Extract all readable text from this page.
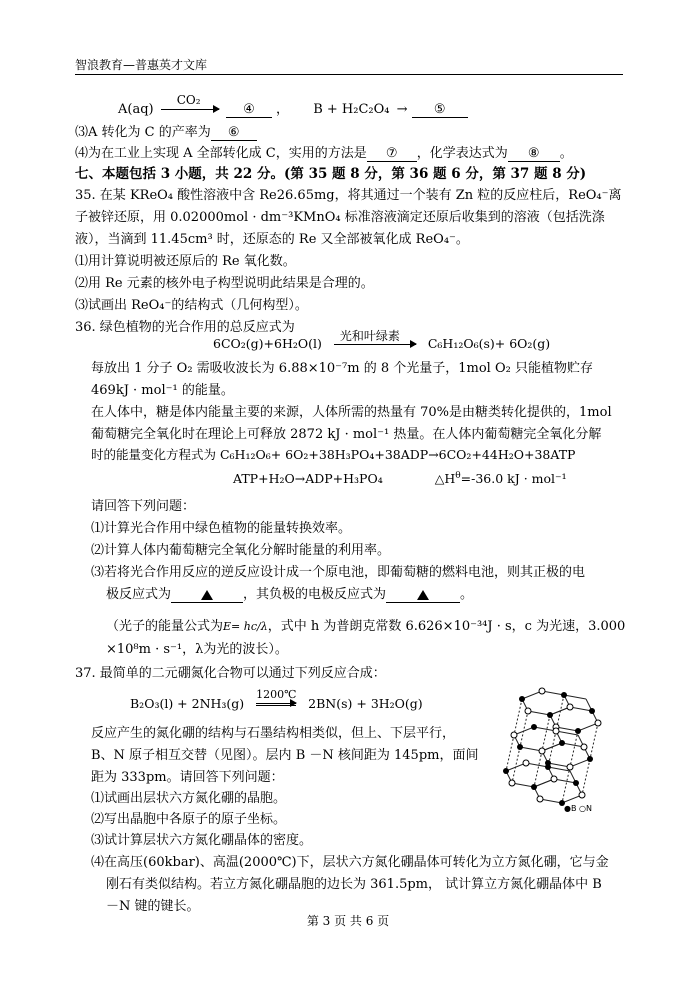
智浪教育—普惠英才文库
A(aq)
CO₂
④ ， B + H₂C₂O₄ → ⑤
⑶A 转化为 C 的产率为 ⑥
⑷为在工业上实现 A 全部转化成 C，实用的方法是 ⑦ ，化学表达式为 ⑧ 。
七、本题包括 3 小题，共 22 分。(第 35 题 8 分，第 36 题 6 分，第 37 题 8 分)
35. 在某 KReO₄ 酸性溶液中含 Re26.65mg，将其通过一个装有 Zn 粒的反应柱后，ReO₄⁻离
子被锌还原，用 0.02000mol · dm⁻³KMnO₄ 标准溶液滴定还原后收集到的溶液（包括洗涤
液），当滴到 11.45cm³ 时，还原态的 Re 又全部被氧化成 ReO₄⁻。
⑴用计算说明被还原后的 Re 氧化数。
⑵用 Re 元素的核外电子构型说明此结果是合理的。
⑶试画出 ReO₄⁻的结构式（几何构型）。
36. 绿色植物的光合作用的总反应式为
6CO₂(g)+6H₂O(l) 光和叶绿素 C₆H₁₂O₆(s)+ 6O₂(g)
每放出 1 分子 O₂ 需吸收波长为 6.88×10⁻⁷m 的 8 个光量子，1mol O₂ 只能植物贮存
469kJ · mol⁻¹ 的能量。
在人体中，糖是体内能量主要的来源，人体所需的热量有 70%是由糖类转化提供的，1mol
葡萄糖完全氧化时在理论上可释放 2872 kJ · mol⁻¹ 热量。在人体内葡萄糖完全氧化分解
时的能量变化方程式为 C₆H₁₂O₆+ 6O₂+38H₃PO₄+38ADP→6CO₂+44H₂O+38ATP
ATP+H₂O→ADP+H₃PO₄	$\triangle H^\theta=-36.0$ kJ · mol⁻¹
请回答下列问题：
⑴计算光合作用中绿色植物的能量转换效率。
⑵计算人体内葡萄糖完全氧化分解时能量的利用率。
⑶若将光合作用反应的逆反应设计成一个原电池，即葡萄糖的燃料电池，则其正极的电
极反应式为	，其负极的电极反应式为	。
（光子的能量公式为E= hc/λ，式中 h 为普朗克常数 6.626×10⁻³⁴J · s，c 为光速，3.000
×10⁸m · s⁻¹，λ为光的波长）。
37. 最简单的二元硼氮化合物可以通过下列反应合成：
B₂O₃(l) + 2NH₃(g)
1200℃
2BN(s) + 3H₂O(g)
反应产生的氮化硼的结构与石墨结构相类似，但上、下层平行，
B、N 原子相互交替（见图）。层内 B －N 核间距为 145pm，面间
距为 333pm。请回答下列问题：
⑴试画出层状六方氮化硼的晶胞。
⑵写出晶胞中各原子的原子坐标。
⑶试计算层状六方氮化硼晶体的密度。
⑷在高压(60kbar)、高温(2000℃)下，层状六方氮化硼晶体可转化为立方氮化硼，它与金
刚石有类似结构。若立方氮化硼晶胞的边长为 361.5pm， 试计算立方氮化硼晶体中 B
－N 键的键长。
●B ○N
第 3 页 共 6 页
